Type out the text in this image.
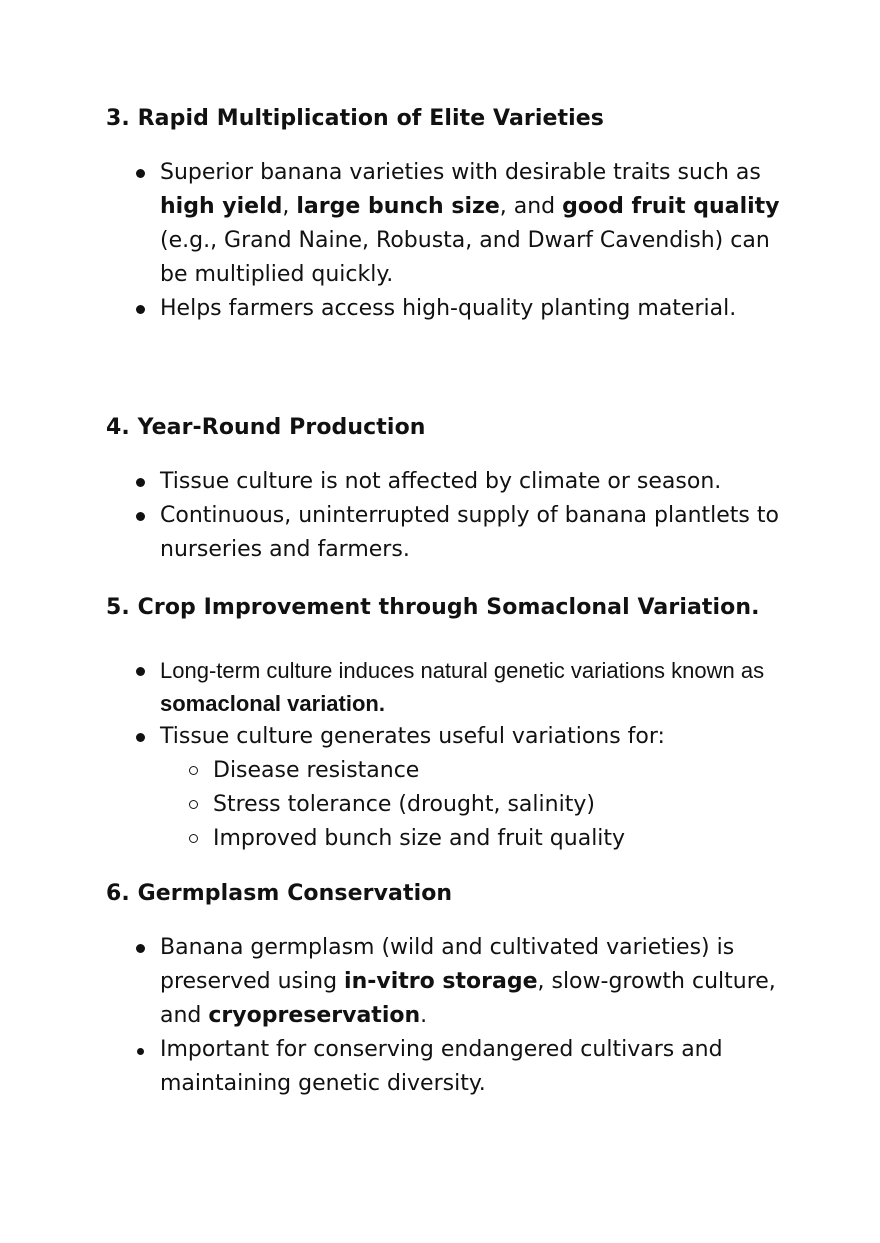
3. Rapid Multiplication of Elite Varieties
Superior banana varieties with desirable traits such as high yield, large bunch size, and good fruit quality (e.g., Grand Naine, Robusta, and Dwarf Cavendish) can be multiplied quickly.
Helps farmers access high-quality planting material.
4. Year-Round Production
Tissue culture is not affected by climate or season.
Continuous, uninterrupted supply of banana plantlets to nurseries and farmers.
5. Crop Improvement through Somaclonal Variation.
Long-term culture induces natural genetic variations known as somaclonal variation.
Tissue culture generates useful variations for:
Disease resistance
Stress tolerance (drought, salinity)
Improved bunch size and fruit quality
6. Germplasm Conservation
Banana germplasm (wild and cultivated varieties) is preserved using in-vitro storage, slow-growth culture, and cryopreservation.
Important for conserving endangered cultivars and maintaining genetic diversity.
